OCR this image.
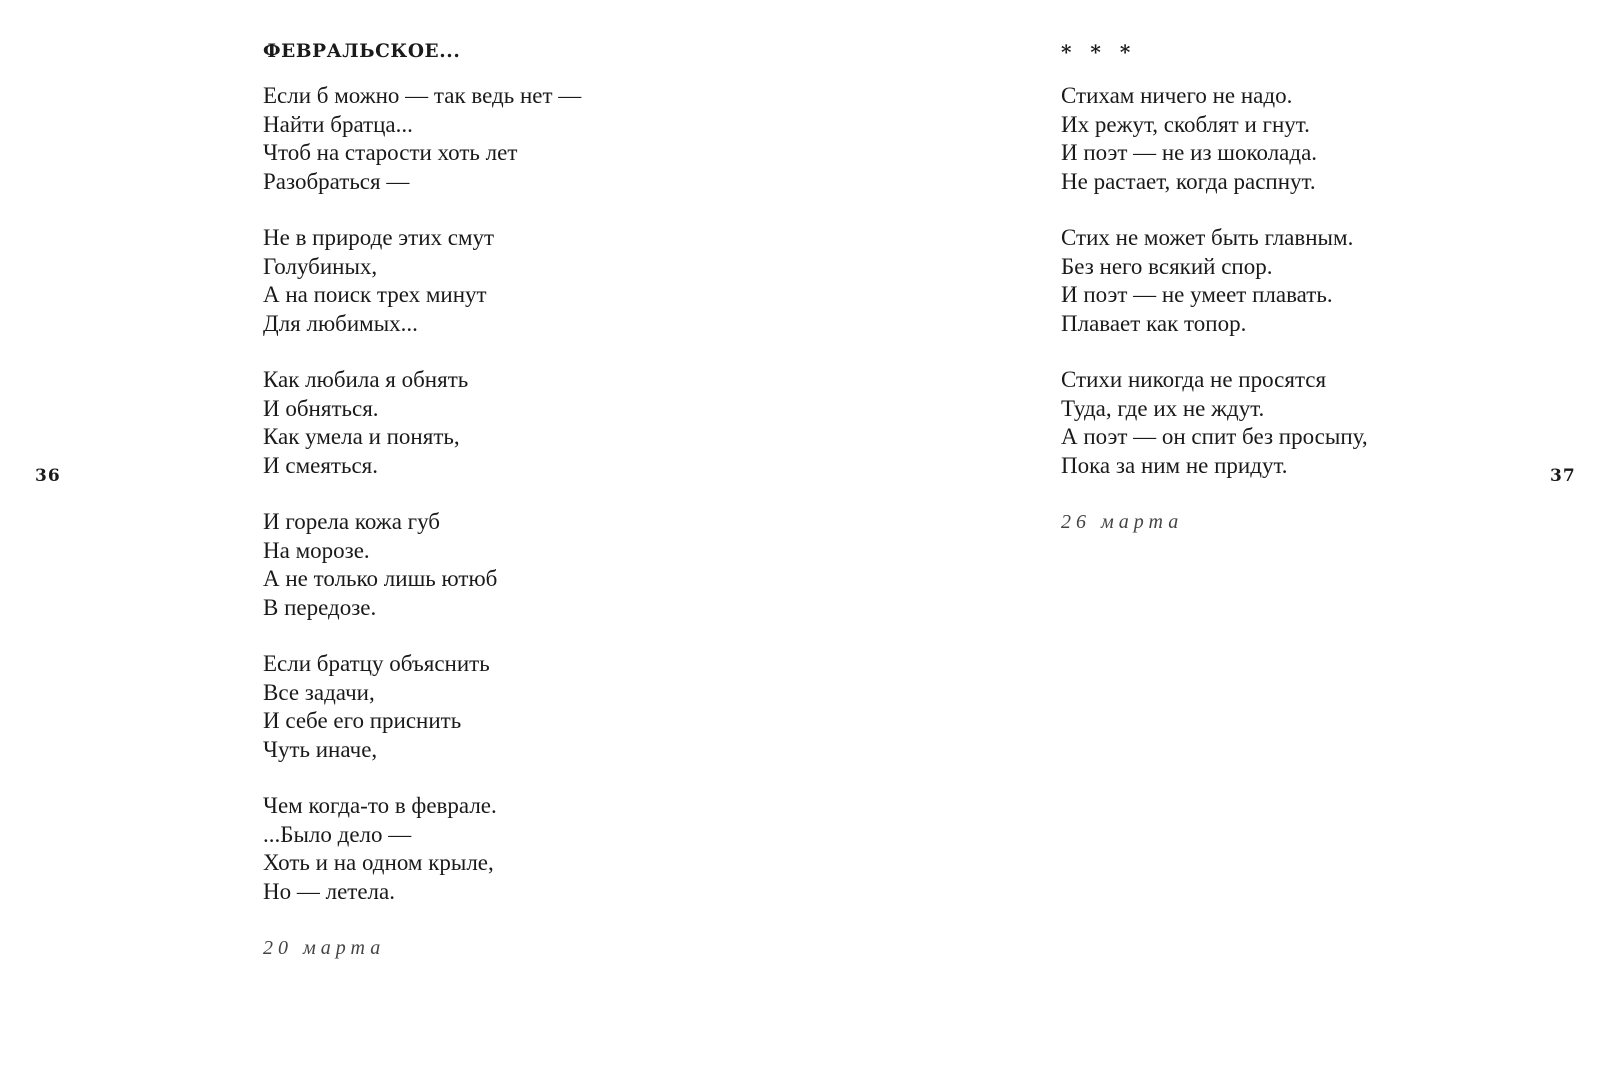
36	37
ФЕВРАЛЬСКОЕ...
Если б можно — так ведь нет —
Найти братца...
Чтоб на старости хоть лет
Разобраться —
Не в природе этих смут
Голубиных,
А на поиск трех минут
Для любимых...
Как любила я обнять
И обняться.
Как умела и понять,
И смеяться.
И горела кожа губ
На морозе.
А не только лишь ютюб
В передозе.
Если братцу объяснить
Все задачи,
И себе его приснить
Чуть иначе,
Чем когда-то в феврале.
...Было дело —
Хоть и на одном крыле,
Но — летела.
20 марта
* * *
Стихам ничего не надо.
Их режут, скоблят и гнут.
И поэт — не из шоколада.
Не растает, когда распнут.
Стих не может быть главным.
Без него всякий спор.
И поэт — не умеет плавать.
Плавает как топор.
Стихи никогда не просятся
Туда, где их не ждут.
А поэт — он спит без просыпу,
Пока за ним не придут.
26 марта
